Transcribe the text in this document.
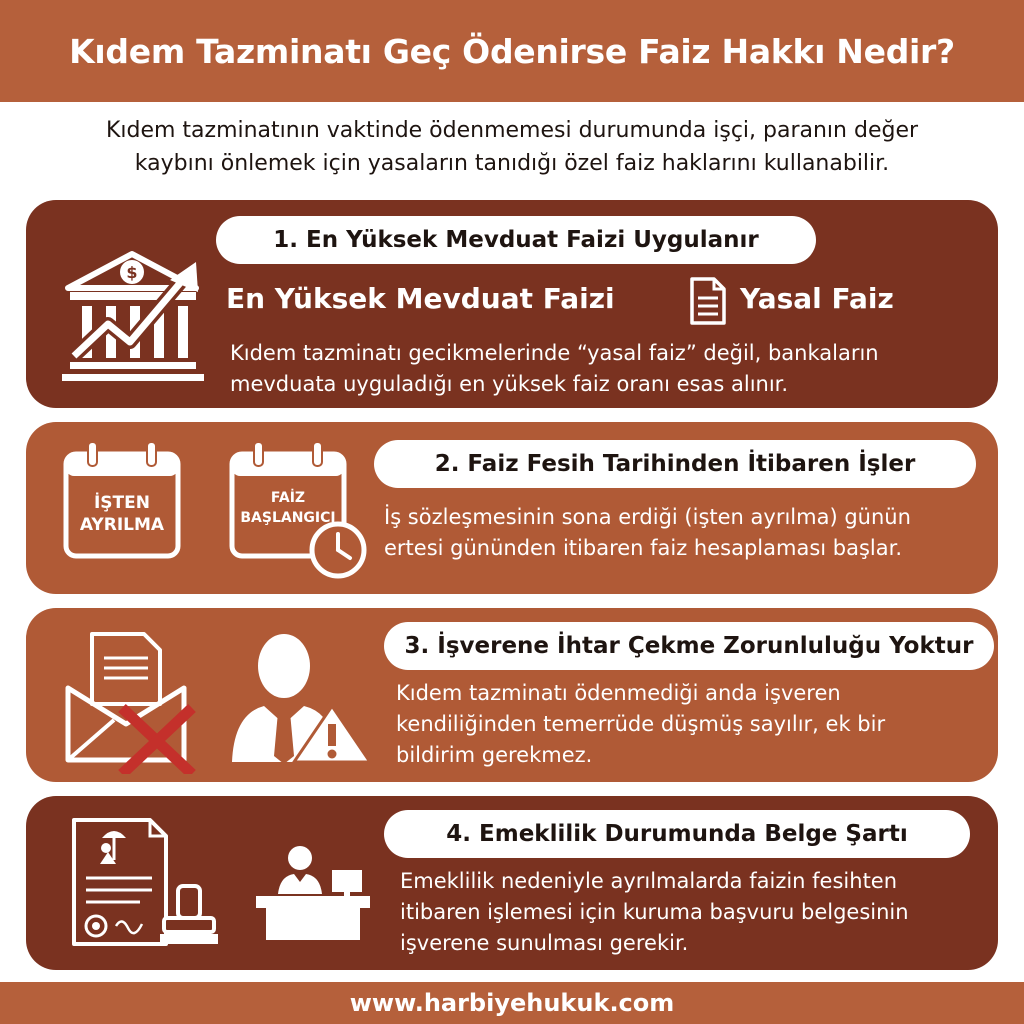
Kıdem Tazminatı Geç Ödenirse Faiz Hakkı Nedir?
Kıdem tazminatının vaktinde ödenmemesi durumunda işçi, paranın değer
kaybını önlemek için yasaların tanıdığı özel faiz haklarını kullanabilir.
1. En Yüksek Mevduat Faizi Uygulanır
$
En Yüksek Mevduat Faizi	Yasal Faiz
Kıdem tazminatı gecikmelerinde “yasal faiz” değil, bankaların
mevduata uyguladığı en yüksek faiz oranı esas alınır.
İŞTEN
AYRILMA
FAİZ
BAŞLANGICI
2. Faiz Fesih Tarihinden İtibaren İşler
İş sözleşmesinin sona erdiği (işten ayrılma) günün
ertesi gününden itibaren faiz hesaplaması başlar.
3. İşverene İhtar Çekme Zorunluluğu Yoktur
Kıdem tazminatı ödenmediği anda işveren
kendiliğinden temerrüde düşmüş sayılır, ek bir
bildirim gerekmez.
4. Emeklilik Durumunda Belge Şartı
Emeklilik nedeniyle ayrılmalarda faizin fesihten
itibaren işlemesi için kuruma başvuru belgesinin
işverene sunulması gerekir.
www.harbiyehukuk.com
